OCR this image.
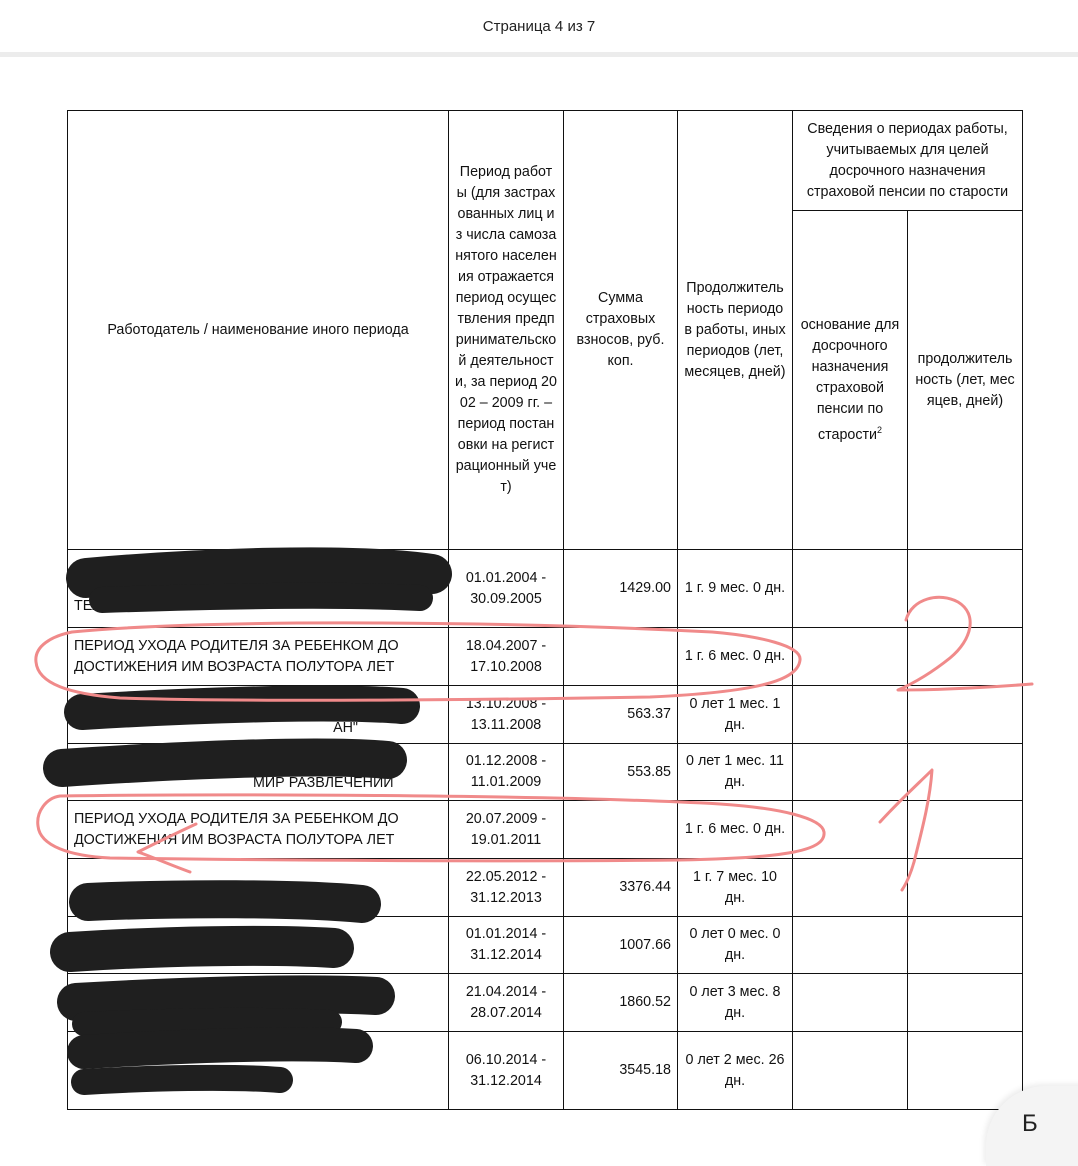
Страница 4 из 7
Работодатель / наименование иного периода	Период работы (для застрахованных лиц из числа самозанятого населения отражается период осуществления предпринимательской деятельности, за период 2002 – 2009 гг. – период постановки на регистрационный учет)	Сумма страховых взносов, руб. коп.	Продолжительность периодов работы, иных периодов (лет, месяцев, дней)	Сведения о периодах работы, учитываемых для целей досрочного назначения страховой пенсии по старости	
				основание для досрочного назначения страховой пенсии по старости$^2$	продолжительность (лет, месяцев, дней)

ТЕА	01.01.2004 - 30.09.2005	1429.00	1 г. 9 мес. 0 дн.		
ПЕРИОД УХОДА РОДИТЕЛЯ ЗА РЕБЕНКОМ ДО ДОСТИЖЕНИЯ ИМ ВОЗРАСТА ПОЛУТОРА ЛЕТ	18.04.2007 - 17.10.2008		1 г. 6 мес. 0 дн.		
АН"	13.10.2008 - 13.11.2008	563.37	0 лет 1 мес. 1 дн.		
МИР РАЗВЛЕЧЕНИЙ	01.12.2008 - 11.01.2009	553.85	0 лет 1 мес. 11 дн.		
ПЕРИОД УХОДА РОДИТЕЛЯ ЗА РЕБЕНКОМ ДО ДОСТИЖЕНИЯ ИМ ВОЗРАСТА ПОЛУТОРА ЛЕТ	20.07.2009 - 19.01.2011		1 г. 6 мес. 0 дн.		
	22.05.2012 - 31.12.2013	3376.44	1 г. 7 мес. 10 дн.		
	01.01.2014 - 31.12.2014	1007.66	0 лет 0 мес. 0 дн.		
	21.04.2014 - 28.07.2014	1860.52	0 лет 3 мес. 8 дн.		
АКЦИОНЕРНОЕ ОБ	06.10.2014 - 31.12.2014	3545.18	0 лет 2 мес. 26 дн.		
Б
